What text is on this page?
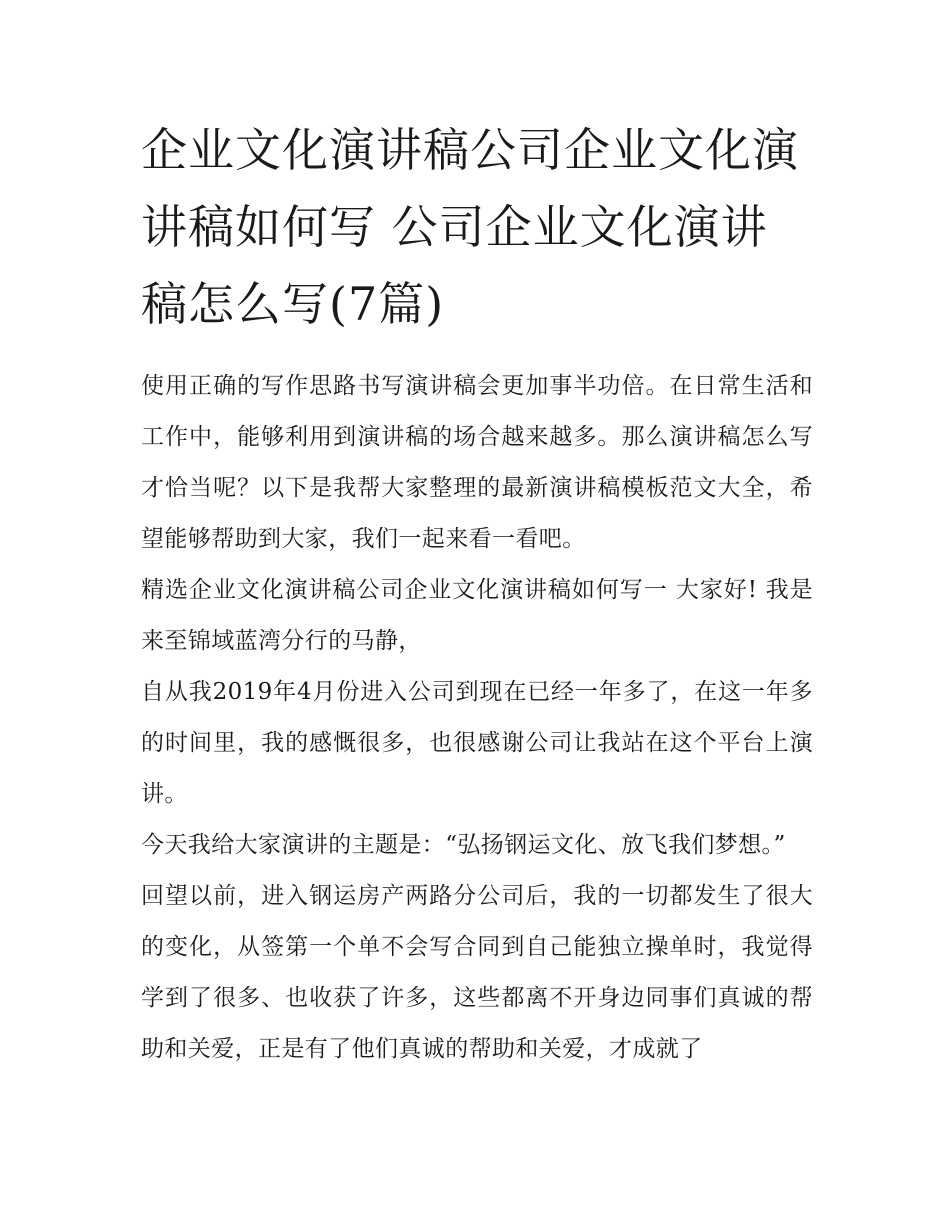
企业文化演讲稿公司企业文化演讲稿如何写 公司企业文化演讲稿怎么写(7篇)

使用正确的写作思路书写演讲稿会更加事半功倍。在日常生活和工作中，能够利用到演讲稿的场合越来越多。那么演讲稿怎么写才恰当呢？以下是我帮大家整理的最新演讲稿模板范文大全，希望能够帮助到大家，我们一起来看一看吧。

精选企业文化演讲稿公司企业文化演讲稿如何写一 大家好! 我是来至锦域蓝湾分行的马静，

自从我2019年4月份进入公司到现在已经一年多了，在这一年多的时间里，我的感慨很多，也很感谢公司让我站在这个平台上演讲。

今天我给大家演讲的主题是：“弘扬钢运文化、放飞我们梦想。”

回望以前，进入钢运房产两路分公司后，我的一切都发生了很大的变化，从签第一个单不会写合同到自己能独立操单时，我觉得学到了很多、也收获了许多，这些都离不开身边同事们真诚的帮助和关爱，正是有了他们真诚的帮助和关爱，才成就了
